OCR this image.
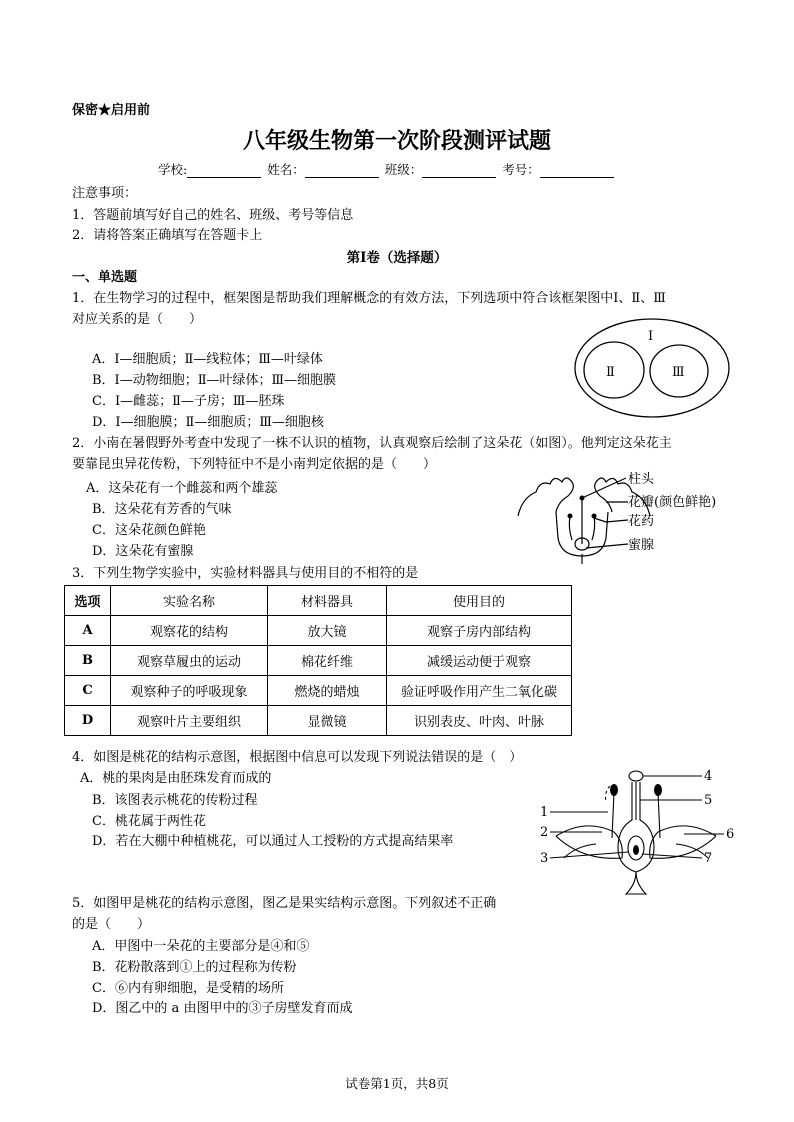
保密★启用前
八年级生物第一次阶段测评试题
学校:	姓名：	班级：	考号：
注意事项：
1．答题前填写好自己的姓名、班级、考号等信息
2．请将答案正确填写在答题卡上
第I卷（选择题）
一、单选题
1．在生物学习的过程中，框架图是帮助我们理解概念的有效方法，下列选项中符合该框架图中Ⅰ、Ⅱ、Ⅲ
对应关系的是（　　）
A．Ⅰ—细胞质；Ⅱ—线粒体；Ⅲ—叶绿体
B．Ⅰ—动物细胞；Ⅱ—叶绿体；Ⅲ—细胞膜
C．Ⅰ—雌蕊；Ⅱ—子房；Ⅲ—胚珠
D．Ⅰ—细胞膜；Ⅱ—细胞质；Ⅲ—细胞核
Ⅰ
Ⅱ	Ⅲ
2．小南在暑假野外考查中发现了一株不认识的植物，认真观察后绘制了这朵花（如图）。他判定这朵花主
要靠昆虫异花传粉，下列特征中不是小南判定依据的是（　　）
A．这朵花有一个雌蕊和两个雄蕊
B．这朵花有芳香的气味
C．这朵花颜色鲜艳
D．这朵花有蜜腺
柱头
花瓣(颜色鲜艳)
花药
蜜腺
3．下列生物学实验中，实验材料器具与使用目的不相符的是
选项	实验名称	材料器具	使用目的
A	观察花的结构	放大镜	观察子房内部结构
B	观察草履虫的运动	棉花纤维	减缓运动便于观察
C	观察种子的呼吸现象	燃烧的蜡烛	验证呼吸作用产生二氧化碳
D	观察叶片主要组织	显微镜	识别表皮、叶肉、叶脉
4．如图是桃花的结构示意图，根据图中信息可以发现下列说法错误的是（　）
A．桃的果肉是由胚珠发育而成的
B．该图表示桃花的传粉过程
C．桃花属于两性花
D．若在大棚中种植桃花，可以通过人工授粉的方式提高结果率
1
2
3
4
5
6
7
5．如图甲是桃花的结构示意图，图乙是果实结构示意图。下列叙述不正确
的是（　　）
A．甲图中一朵花的主要部分是④和⑤
B．花粉散落到①上的过程称为传粉
C．⑥内有卵细胞，是受精的场所
D．图乙中的 a 由图甲中的③子房壁发育而成
试卷第1页，共8页
